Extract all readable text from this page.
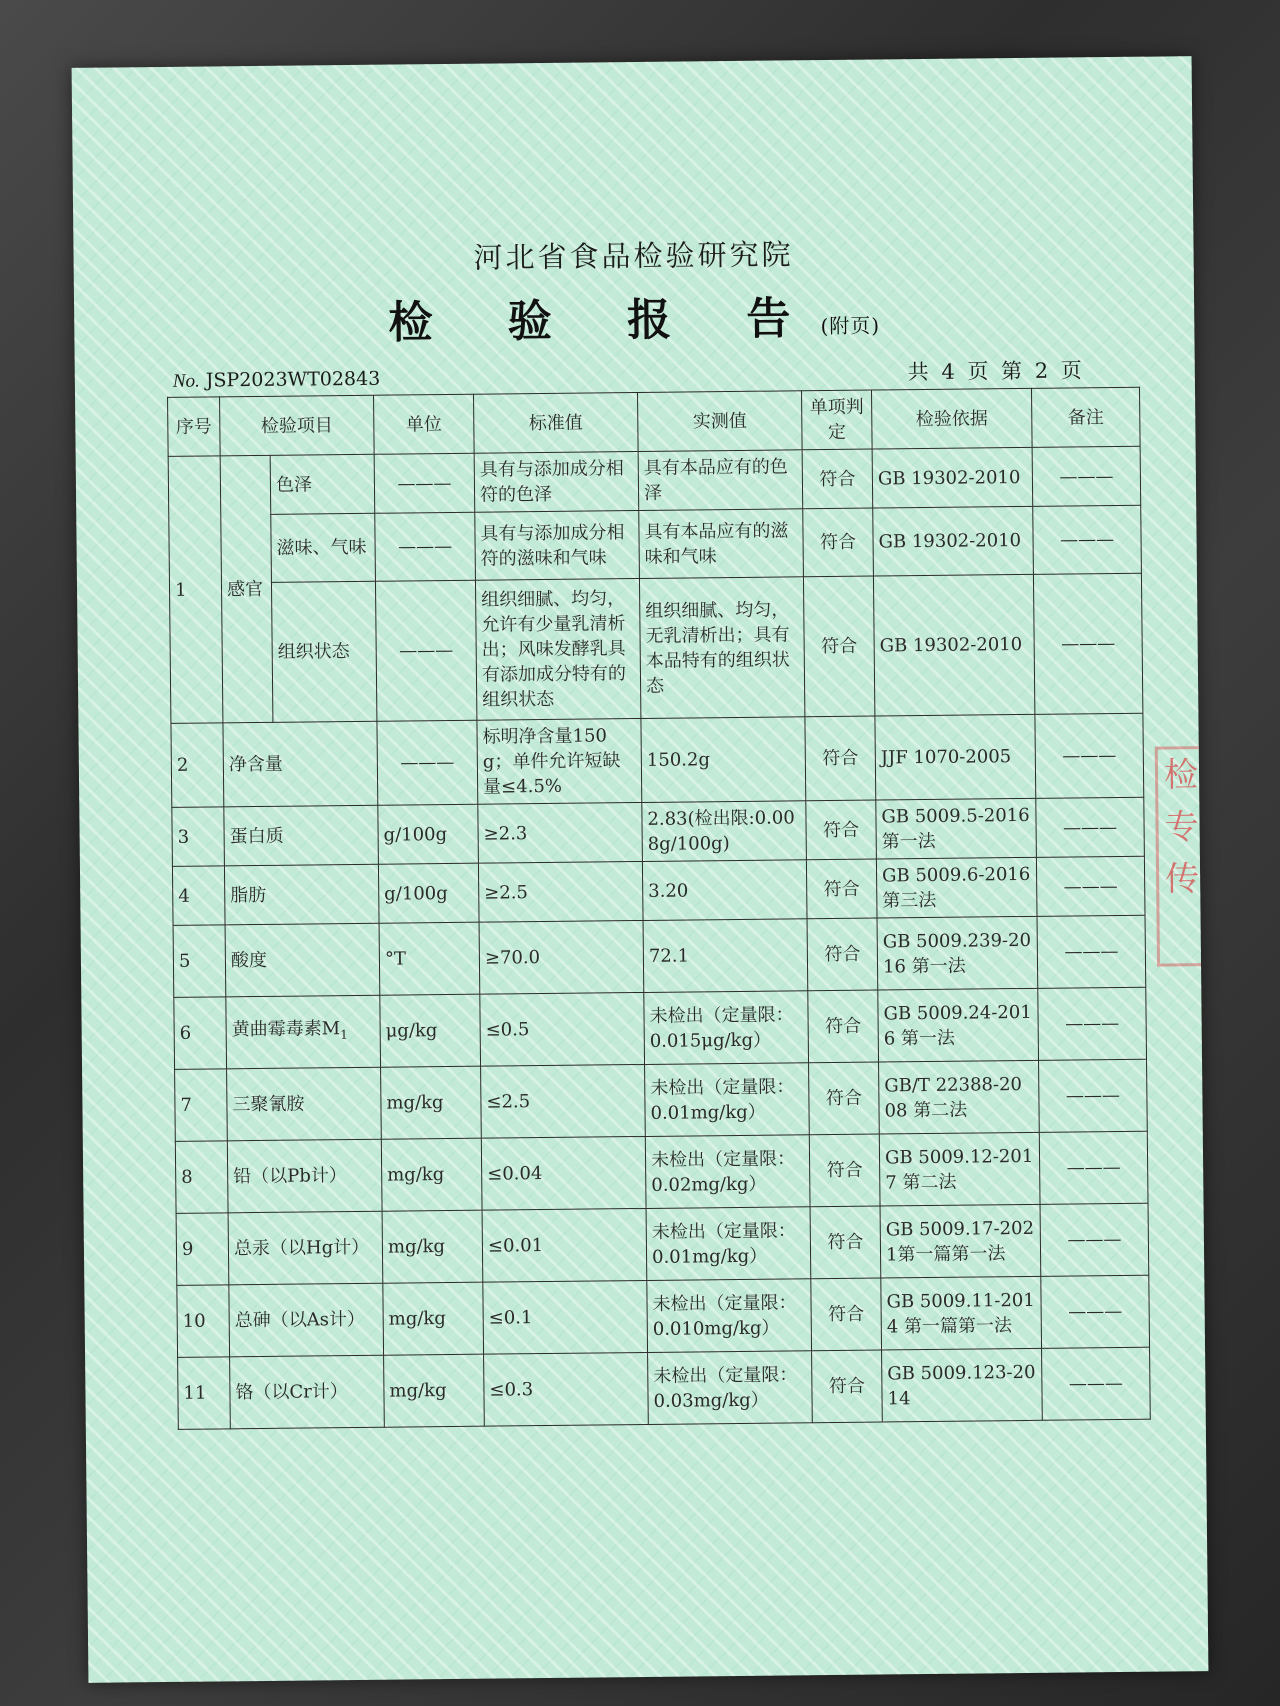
检
专
传
河北省食品检验研究院
检 验 报 告(附页)
No. JSP2023WT02843	共 4 页 第 2 页
序号	检验项目		单位	标准值	实测值	单项判定	检验依据	备注
1	感官	色泽	———	具有与添加成分相符的色泽	具有本品应有的色泽	符合	GB 19302-2010	———
		滋味、气味	———	具有与添加成分相符的滋味和气味	具有本品应有的滋味和气味	符合	GB 19302-2010	———
		组织状态	———	组织细腻、均匀，允许有少量乳清析出；风味发酵乳具有添加成分特有的组织状态	组织细腻、均匀，无乳清析出；具有本品特有的组织状态	符合	GB 19302-2010	———
2	净含量		———	标明净含量150g；单件允许短缺量≤4.5%	150.2g	符合	JJF 1070-2005	———
3	蛋白质		g/100g	≥2.3	2.83(检出限:0.008g/100g)	符合	GB 5009.5-2016 第一法	———
4	脂肪		g/100g	≥2.5	3.20	符合	GB 5009.6-2016 第三法	———
5	酸度		°T	≥70.0	72.1	符合	GB 5009.239-2016 第一法	———
6	黄曲霉毒素$M_1$		μg/kg	≤0.5	未检出（定量限：0.015μg/kg）	符合	GB 5009.24-2016 第一法	———
7	三聚氰胺		mg/kg	≤2.5	未检出（定量限：0.01mg/kg）	符合	GB/T 22388-2008 第二法	———
8	铅（以Pb计）		mg/kg	≤0.04	未检出（定量限：0.02mg/kg）	符合	GB 5009.12-2017 第二法	———
9	总汞（以Hg计）		mg/kg	≤0.01	未检出（定量限：0.01mg/kg）	符合	GB 5009.17-2021第一篇第一法	———
10	总砷（以As计）		mg/kg	≤0.1	未检出（定量限：0.010mg/kg）	符合	GB 5009.11-2014 第一篇第一法	———
11	铬（以Cr计）		mg/kg	≤0.3	未检出（定量限：0.03mg/kg）	符合	GB 5009.123-2014	———
